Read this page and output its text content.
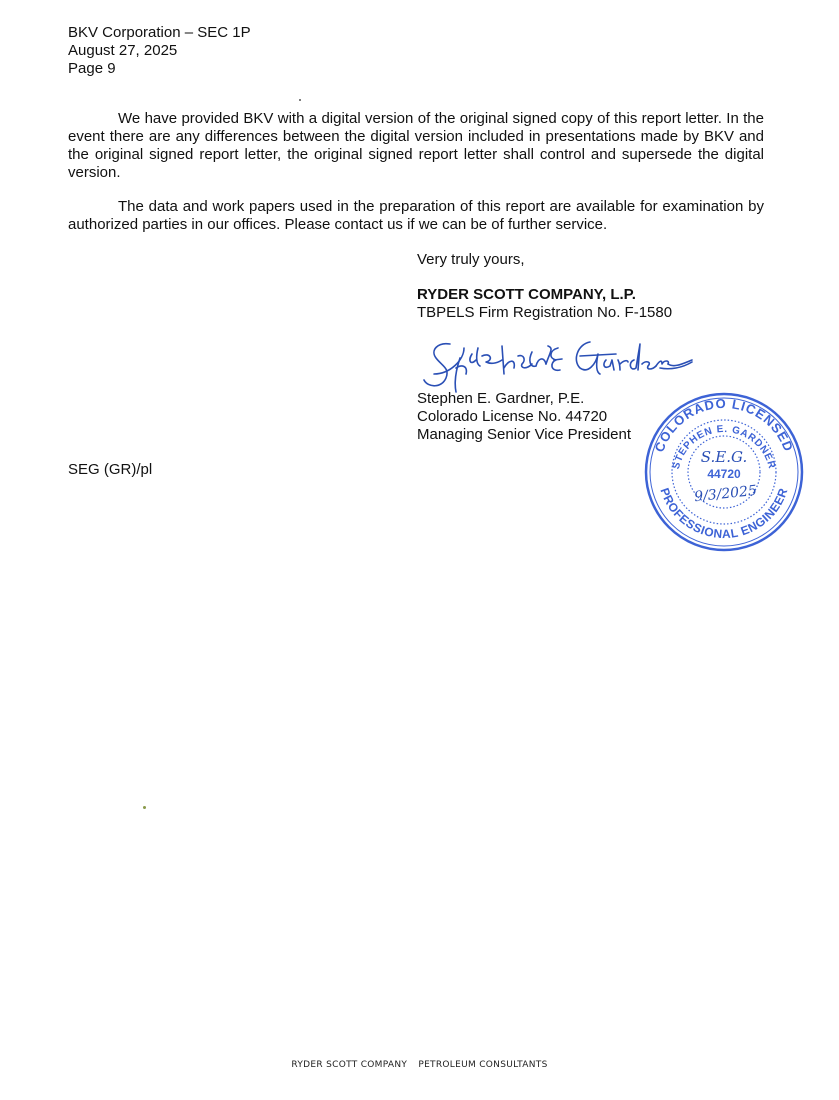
BKV Corporation – SEC 1P
August 27, 2025
Page 9

We have provided BKV with a digital version of the original signed copy of this report letter. In the event there are any differences between the digital version included in presentations made by BKV and the original signed report letter, the original signed report letter shall control and supersede the digital version.

The data and work papers used in the preparation of this report are available for examination by authorized parties in our offices. Please contact us if we can be of further service.

Very truly yours,
RYDER SCOTT COMPANY, L.P.
TBPELS Firm Registration No. F-1580
Stephen E. Gardner, P.E.
Colorado License No. 44720
Managing Senior Vice President
SEG (GR)/pl
COLORADO LICENSED
PROFESSIONAL ENGINEER
STEPHEN E. GARDNER
44720
S.E.G.
9/3/2025
RYDER SCOTT COMPANY PETROLEUM CONSULTANTS
